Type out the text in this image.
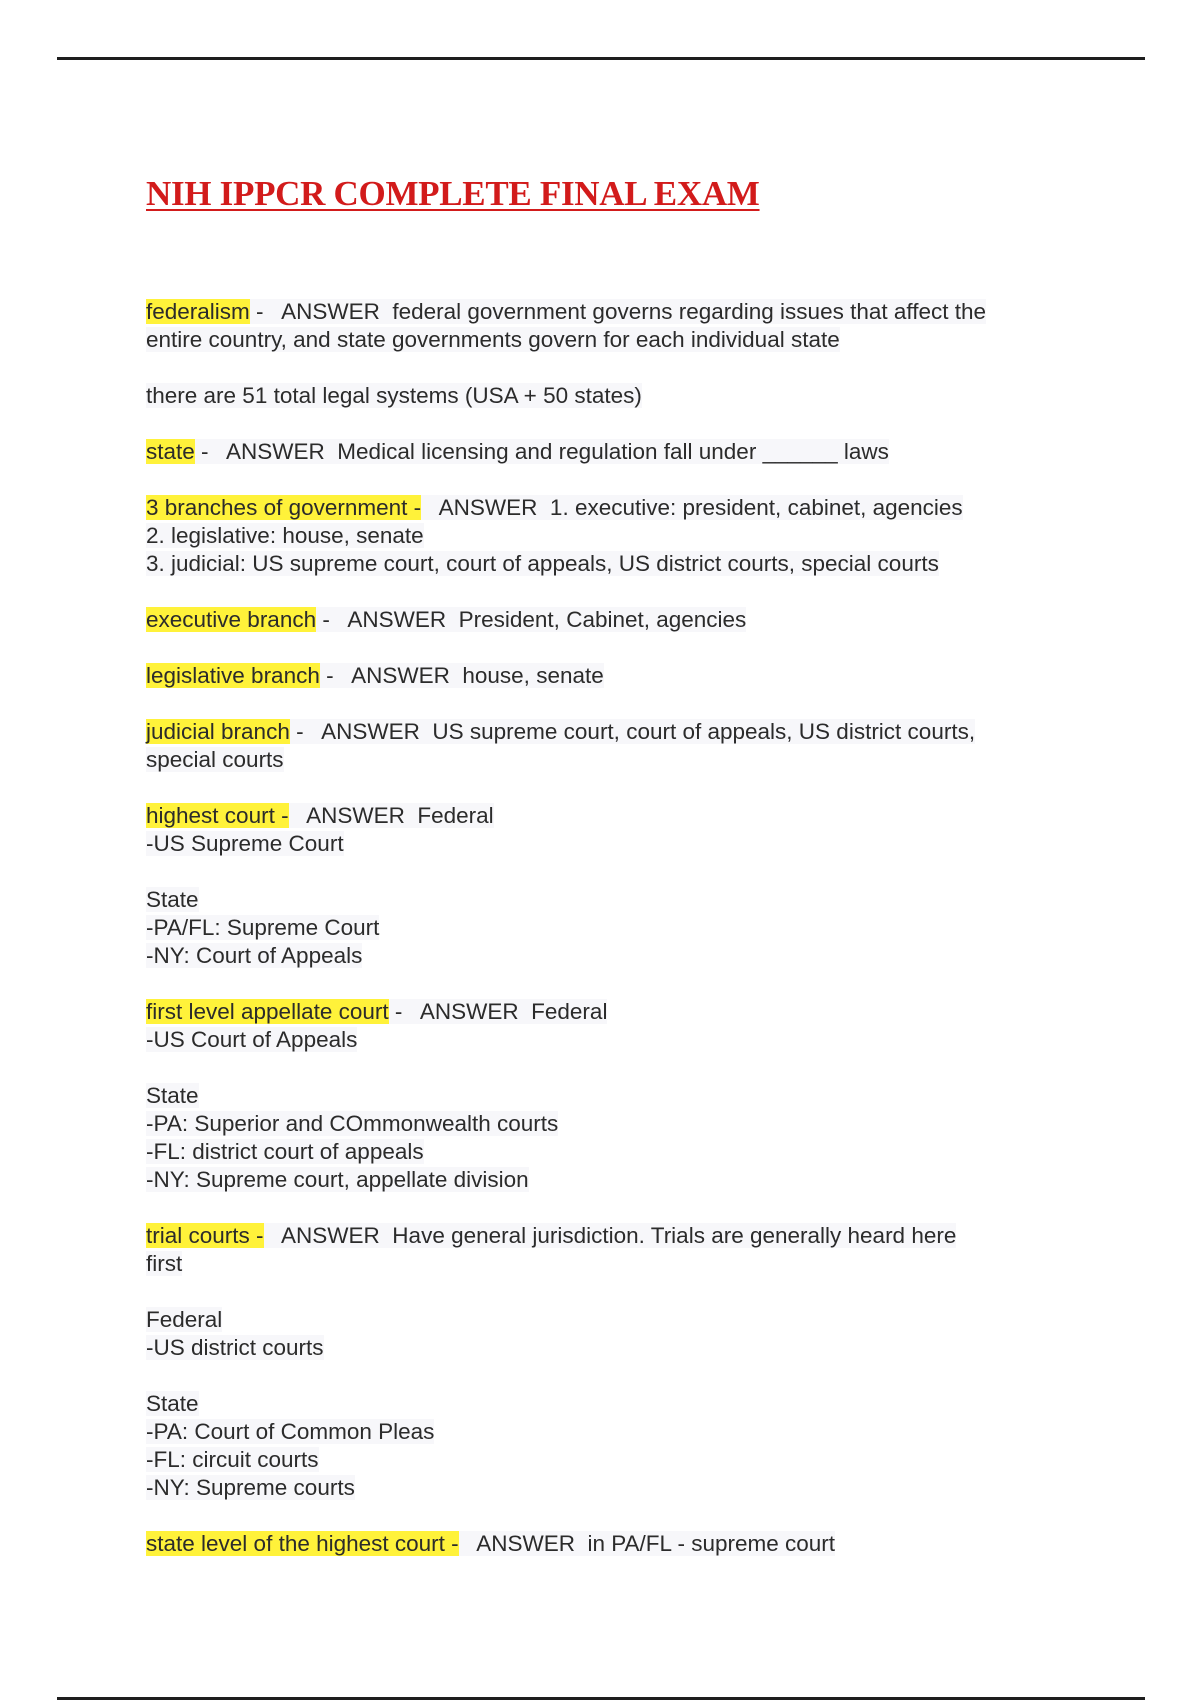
NIH IPPCR COMPLETE FINAL EXAM
federalism -   ANSWER  federal government governs regarding issues that affect the
entire country, and state governments govern for each individual state
there are 51 total legal systems (USA + 50 states)
state -   ANSWER  Medical licensing and regulation fall under ______ laws
3 branches of government - ANSWER  1. executive: president, cabinet, agencies
2. legislative: house, senate
3. judicial: US supreme court, court of appeals, US district courts, special courts
executive branch -   ANSWER  President, Cabinet, agencies
legislative branch -   ANSWER  house, senate
judicial branch -   ANSWER  US supreme court, court of appeals, US district courts,
special courts
highest court - ANSWER  Federal
-US Supreme Court
State
-PA/FL: Supreme Court
-NY: Court of Appeals
first level appellate court -   ANSWER  Federal
-US Court of Appeals
State
-PA: Superior and COmmonwealth courts
-FL: district court of appeals
-NY: Supreme court, appellate division
trial courts - ANSWER  Have general jurisdiction. Trials are generally heard here
first
Federal
-US district courts
State
-PA: Court of Common Pleas
-FL: circuit courts
-NY: Supreme courts
state level of the highest court - ANSWER  in PA/FL - supreme court
